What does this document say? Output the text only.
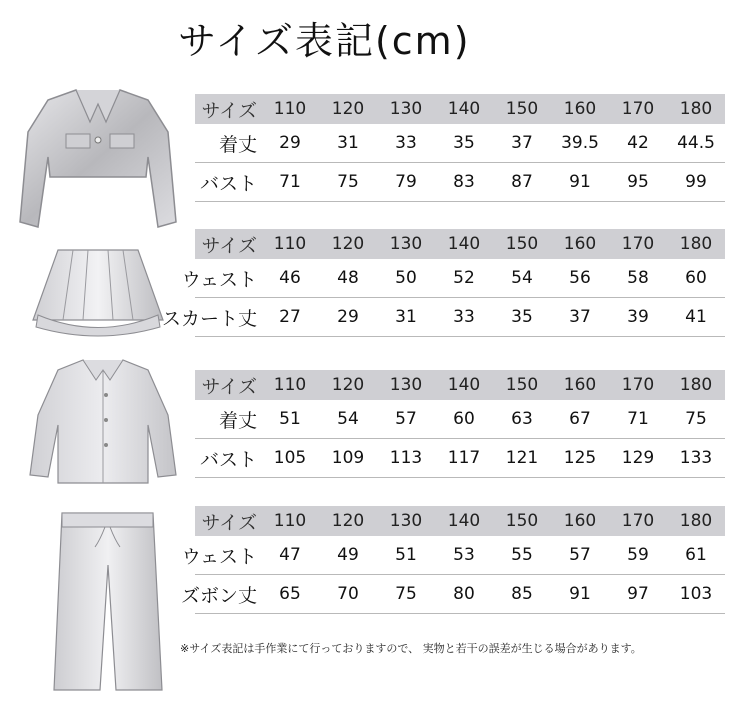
サイズ表記(cm)
サイズ 110	120	130	140	150	160	170	180
着丈	29	31	33	35	37	39.5	42	44.5
バスト	71	75	79	83	87	91	95	99
サイズ 110	120	130	140	150	160	170	180
ウェスト	46	48	50	52	54	56	58	60
スカート丈	27	29	31	33	35	37	39	41
サイズ 110	120	130	140	150	160	170	180
着丈	51	54	57	60	63	67	71	75
バスト 105	109	113	117	121	125	129	133
サイズ 110	120	130	140	150	160	170	180
ウェスト	47	49	51	53	55	57	59	61
ズボン丈	65	70	75	80	85	91	97	103
※サイズ表記は手作業にて行っておりますので、 実物と若干の誤差が生じる場合があります。
